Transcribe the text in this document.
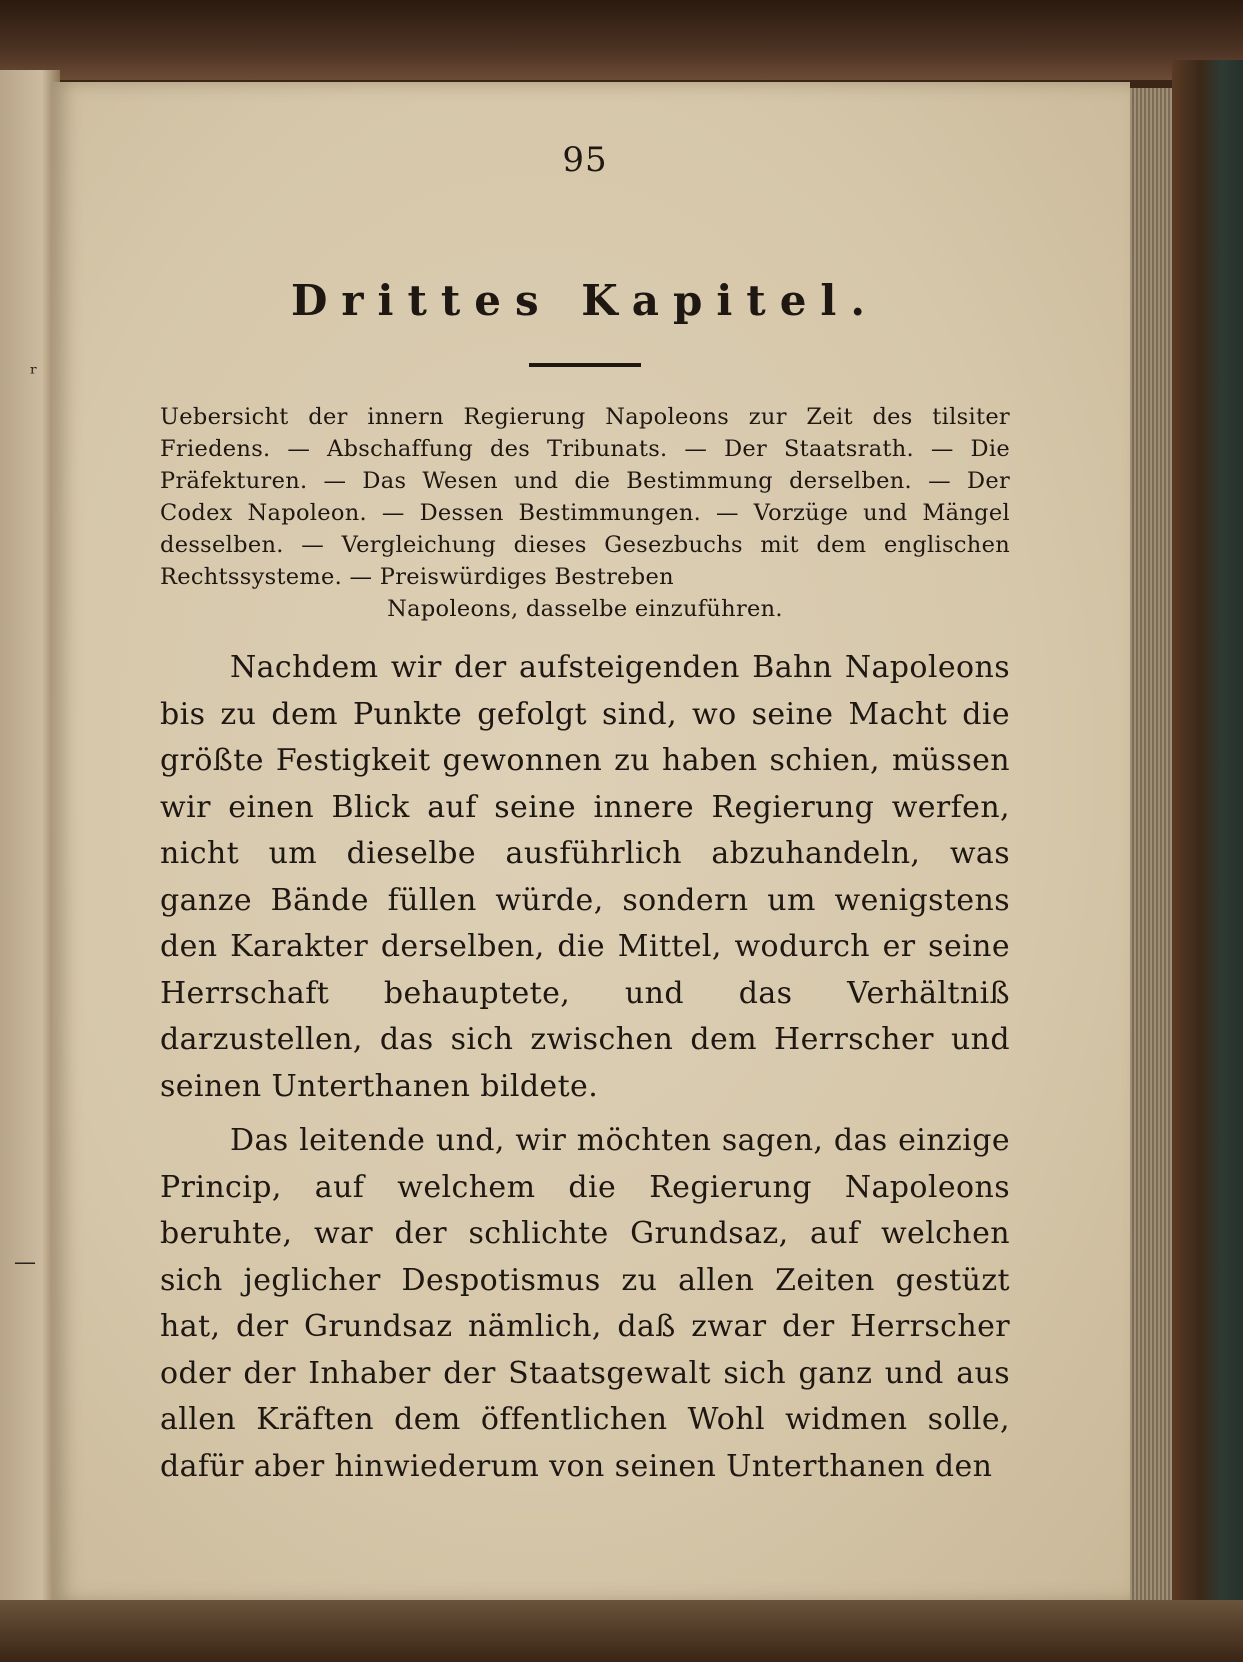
ʳ
—

95

Drittes Kapitel.

Uebersicht der innern Regierung Napoleons zur Zeit des tilsiter Friedens. — Abschaffung des Tribunats. — Der Staatsrath. — Die Präfekturen. — Das Wesen und die Bestimmung derselben. — Der Codex Napoleon. — Dessen Bestimmungen. — Vorzüge und Mängel desselben. — Vergleichung dieses Gesezbuchs mit dem englischen Rechtssysteme. — Preiswürdiges Bestreben

Napoleons, dasselbe einzuführen.

Nachdem wir der aufsteigenden Bahn Napoleons bis zu dem Punkte gefolgt sind, wo seine Macht die größte Festigkeit gewonnen zu haben schien, müssen wir einen Blick auf seine innere Regierung werfen, nicht um dieselbe ausführlich abzuhandeln, was ganze Bände füllen würde, sondern um wenigstens den Karakter derselben, die Mittel, wodurch er seine Herrschaft behauptete, und das Verhältniß darzustellen, das sich zwischen dem Herrscher und seinen Unterthanen bildete.

Das leitende und, wir möchten sagen, das einzige Princip, auf welchem die Regierung Napoleons beruhte, war der schlichte Grundsaz, auf welchen sich jeglicher Despotismus zu allen Zeiten gestüzt hat, der Grundsaz nämlich, daß zwar der Herrscher oder der Inhaber der Staatsgewalt sich ganz und aus allen Kräften dem öffentlichen Wohl widmen solle, dafür aber hinwiederum von seinen Unterthanen den
